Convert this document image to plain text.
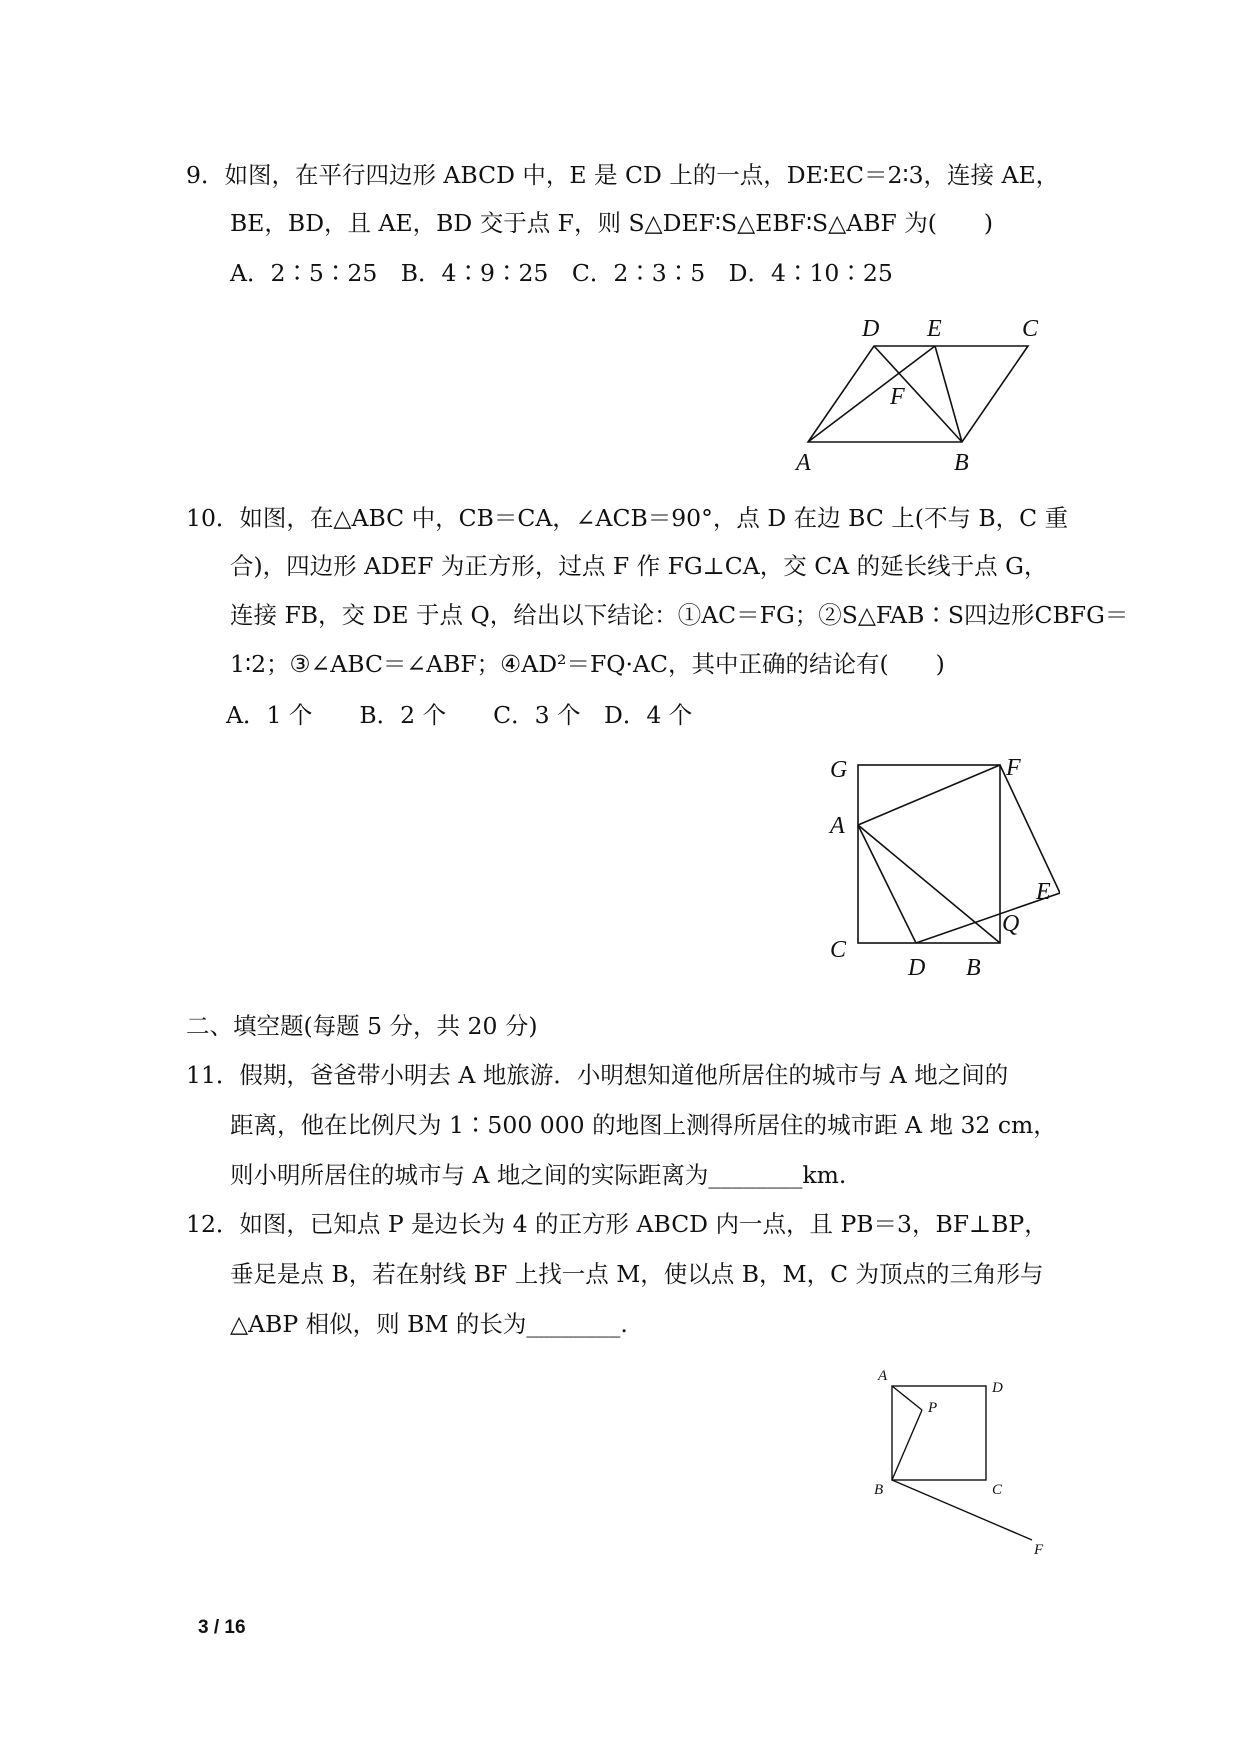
9．如图，在平行四边形 ABCD 中，E 是 CD 上的一点，DE∶EC＝2∶3，连接 AE，
BE，BD，且 AE，BD 交于点 F，则 S△DEF∶S△EBF∶S△ABF 为(　　)
A．2∶5∶25　B．4∶9∶25　C．2∶3∶5　D．4∶10∶25
D E	C
F
A	B
10．如图，在△ABC 中，CB＝CA，∠ACB＝90°，点 D 在边 BC 上(不与 B，C 重
合)，四边形 ADEF 为正方形，过点 F 作 FG⊥CA，交 CA 的延长线于点 G，
连接 FB，交 DE 于点 Q，给出以下结论：①AC＝FG；②S△FAB∶S四边形CBFG＝
1∶2；③∠ABC＝∠ABF；④AD²＝FQ·AC，其中正确的结论有(　　)
A．1 个　　B．2 个　　C．3 个　D．4 个
G	F
A
E
Q
C
D B
二、填空题(每题 5 分，共 20 分)
11．假期，爸爸带小明去 A 地旅游．小明想知道他所居住的城市与 A 地之间的
距离，他在比例尺为 1∶500 000 的地图上测得所居住的城市距 A 地 32 cm，
则小明所居住的城市与 A 地之间的实际距离为________km.
12．如图，已知点 P 是边长为 4 的正方形 ABCD 内一点，且 PB＝3，BF⊥BP，
垂足是点 B，若在射线 BF 上找一点 M，使以点 B，M，C 为顶点的三角形与
△ABP 相似，则 BM 的长为________.
A
D
P
B	C
F
3 / 16
